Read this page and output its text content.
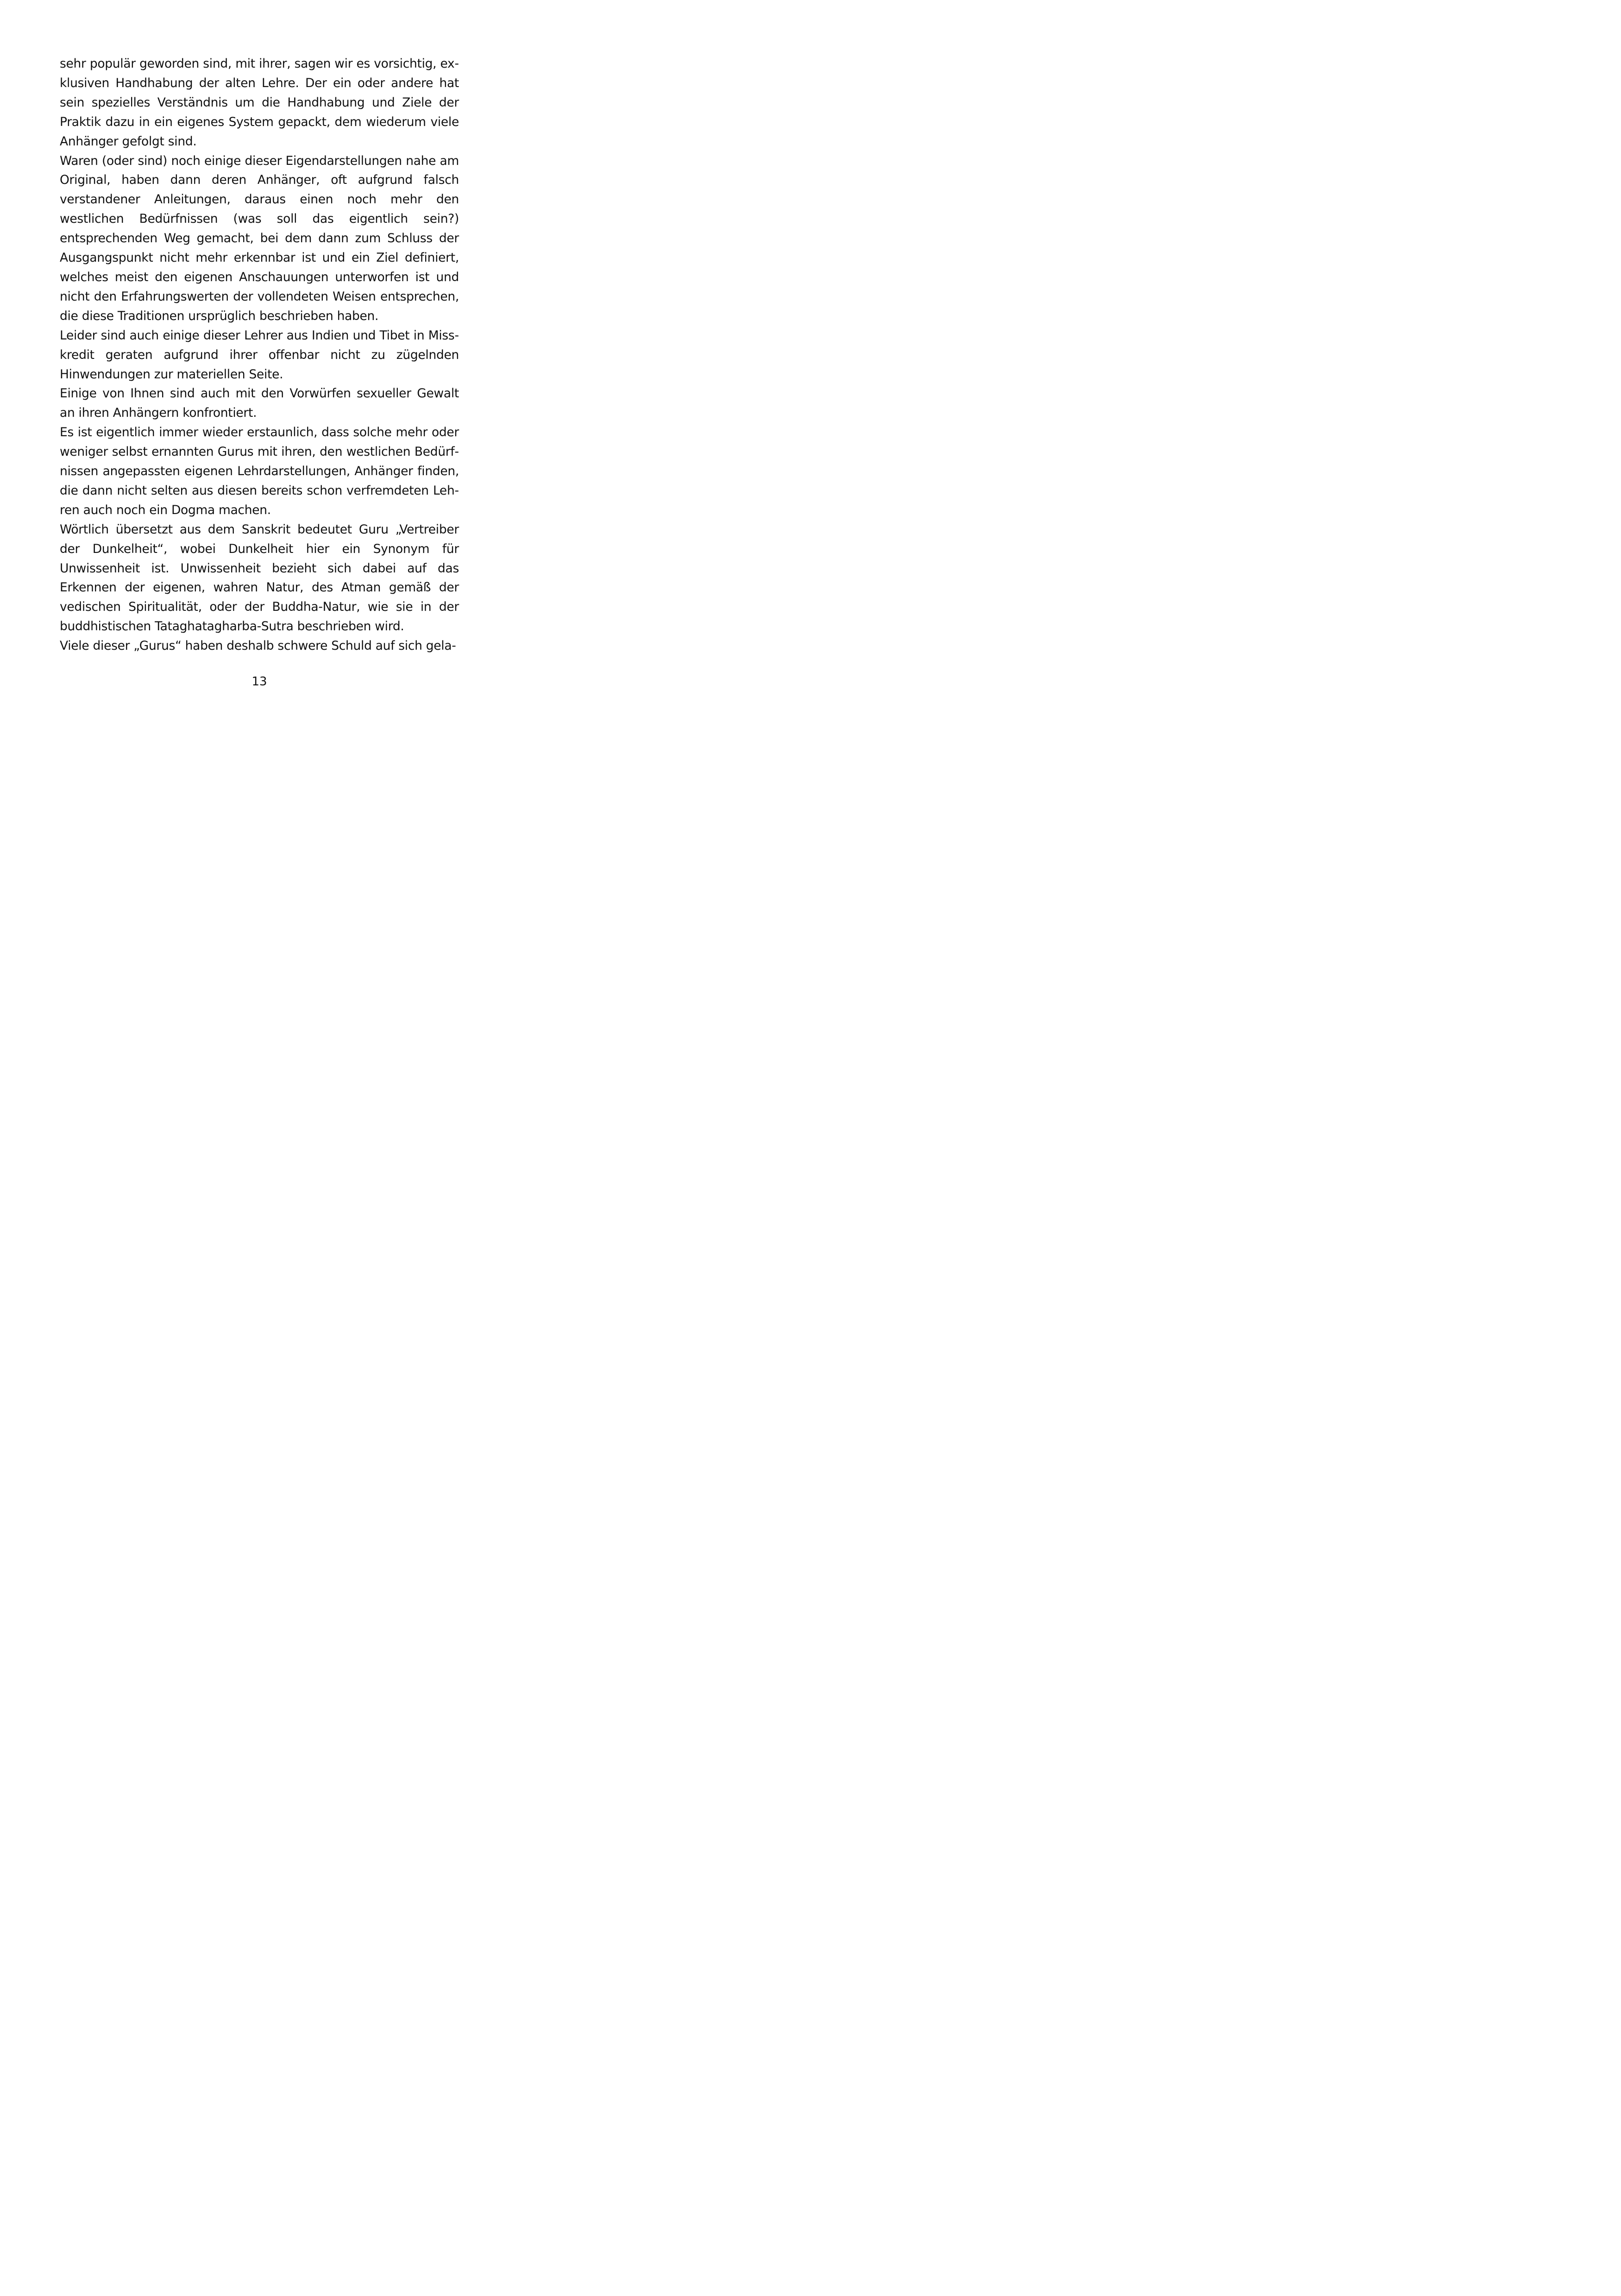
sehr populär geworden sind, mit ihrer, sagen wir es vorsichtig, exklusiven Handhabung der alten Lehre. Der ein oder andere hat sein spezielles Verständnis um die Handhabung und Ziele der Praktik dazu in ein eigenes System gepackt, dem wiederum viele Anhänger gefolgt sind.

Waren (oder sind) noch einige dieser Eigendarstellungen nahe am Original, haben dann deren Anhänger, oft aufgrund falsch verstandener Anleitungen, daraus einen noch mehr den westlichen Bedürfnissen (was soll das eigentlich sein?) entsprechenden Weg gemacht, bei dem dann zum Schluss der Ausgangspunkt nicht mehr erkennbar ist und ein Ziel definiert, welches meist den eigenen Anschauungen unterworfen ist und nicht den Erfahrungswerten der vollendeten Weisen entsprechen, die diese Traditionen ursprüglich beschrieben haben.

Leider sind auch einige dieser Lehrer aus Indien und Tibet in Misskredit geraten aufgrund ihrer offenbar nicht zu zügelnden Hinwendungen zur materiellen Seite.

Einige von Ihnen sind auch mit den Vorwürfen sexueller Gewalt an ihren Anhängern konfrontiert.

Es ist eigentlich immer wieder erstaunlich, dass solche mehr oder weniger selbst ernannten Gurus mit ihren, den westlichen Bedürfnissen angepassten eigenen Lehrdarstellungen, Anhänger finden, die dann nicht selten aus diesen bereits schon verfremdeten Lehren auch noch ein Dogma machen.

Wörtlich übersetzt aus dem Sanskrit bedeutet Guru „Vertreiber der Dunkelheit“, wobei Dunkelheit hier ein Synonym für Unwissenheit ist. Unwissenheit bezieht sich dabei auf das Erkennen der eigenen, wahren Natur, des Atman gemäß der vedischen Spiritualität, oder der Buddha-Natur, wie sie in der buddhistischen Tataghatagharba-Sutra beschrieben wird.

Viele dieser „Gurus“ haben deshalb schwere Schuld auf sich gela-

13
